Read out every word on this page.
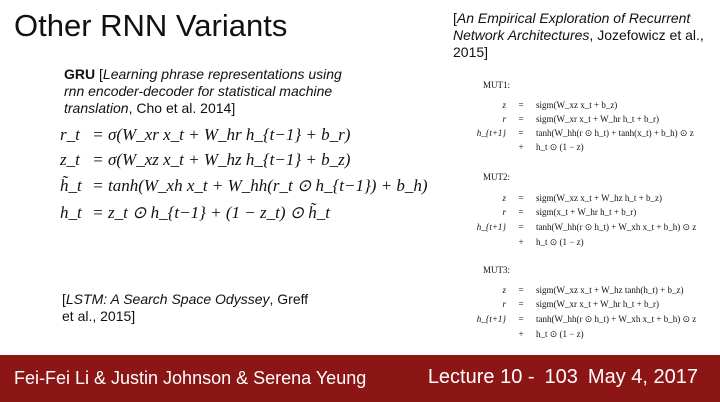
Other RNN Variants
GRU [Learning phrase representations using rnn encoder-decoder for statistical machine translation, Cho et al. 2014]
r_t = σ(W_xr x_t + W_hr h_{t−1} + b_r)
z_t = σ(W_xz x_t + W_hz h_{t−1} + b_z)
h̃_t = tanh(W_xh x_t + W_hh(r_t ⊙ h_{t−1}) + b_h)
h_t = z_t ⊙ h_{t−1} + (1 − z_t) ⊙ h̃_t
[LSTM: A Search Space Odyssey, Greff et al., 2015]
[An Empirical Exploration of Recurrent Network Architectures, Jozefowicz et al., 2015]
MUT1:
z	=	sigm(W_xz x_t + b_z)
r	=	sigm(W_xr x_t + W_hr h_t + b_r)
h_{t+1}	=	tanh(W_hh(r ⊙ h_t) + tanh(x_t) + b_h) ⊙ z
+	h_t ⊙ (1 − z)
MUT2:
z	=	sigm(W_xz x_t + W_hz h_t + b_z)
r	=	sigm(x_t + W_hr h_t + b_r)
h_{t+1}	=	tanh(W_hh(r ⊙ h_t) + W_xh x_t + b_h) ⊙ z
+	h_t ⊙ (1 − z)
MUT3:
z	=	sigm(W_xz x_t + W_hz tanh(h_t) + b_z)
r	=	sigm(W_xr x_t + W_hr h_t + b_r)
h_{t+1}	=	tanh(W_hh(r ⊙ h_t) + W_xh x_t + b_h) ⊙ z
+	h_t ⊙ (1 − z)
Fei-Fei Li & Justin Johnson & Serena Yeung	Lecture 10 - 103 May 4, 2017
